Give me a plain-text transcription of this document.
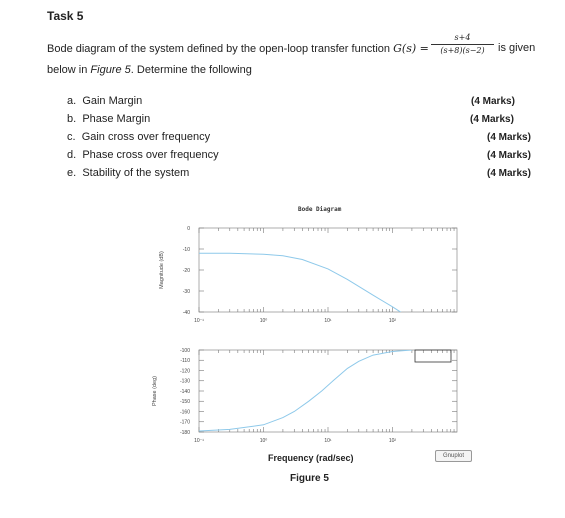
Task 5
Bode diagram of the system defined by the open-loop transfer function G(s) =
s+4
(s+8)(s−2)	is given
below in Figure 5. Determine the following
a. Gain Margin	(4 Marks)
b. Phase Margin	(4 Marks)
c. Gain cross over frequency	(4 Marks)
d. Phase cross over frequency	(4 Marks)
e. Stability of the system	(4 Marks)
Bode Diagram
10⁻¹	10⁰	10¹	10²
0
-10
-20
-30
-40
Magnitude (dB)
10⁻¹	10⁰	10¹	10²
-100
-110
-120
-130
-140
-150
-160
-170
-180
Phase (deg)
Gnuplot
Frequency (rad/sec)
Figure 5
